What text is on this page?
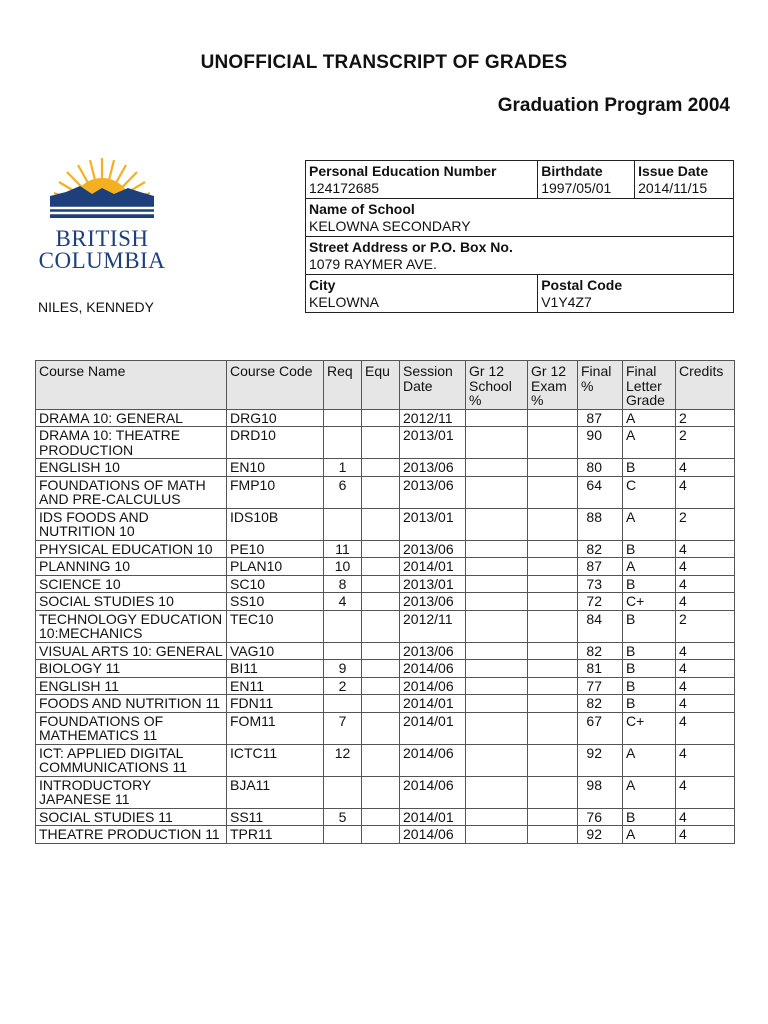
UNOFFICIAL TRANSCRIPT OF GRADES
Graduation Program 2004
BRITISH
COLUMBIA
NILES, KENNEDY
Personal Education Number	Birthdate	Issue Date
124172685	1997/05/01	2014/11/15
Name of School		
KELOWNA SECONDARY		
Street Address or P.O. Box No.		
1079 RAYMER AVE.		
City	Postal Code	
KELOWNA	V1Y4Z7	
Course Name	Course Code	Req	Equ	Session Date	Gr 12 School %	Gr 12 Exam %	Final %	Final Letter Grade	Credits
DRAMA 10: GENERAL	DRG10			2012/11			87	A	2
DRAMA 10: THEATRE PRODUCTION	DRD10			2013/01			90	A	2
ENGLISH 10	EN10	1		2013/06			80	B	4
FOUNDATIONS OF MATH AND PRE-CALCULUS	FMP10	6		2013/06			64	C	4
IDS FOODS AND NUTRITION 10	IDS10B			2013/01			88	A	2
PHYSICAL EDUCATION 10	PE10	11		2013/06			82	B	4
PLANNING 10	PLAN10	10		2014/01			87	A	4
SCIENCE 10	SC10	8		2013/01			73	B	4
SOCIAL STUDIES 10	SS10	4		2013/06			72	C+	4
TECHNOLOGY EDUCATION 10:MECHANICS	TEC10			2012/11			84	B	2
VISUAL ARTS 10: GENERAL	VAG10			2013/06			82	B	4
BIOLOGY 11	BI11	9		2014/06			81	B	4
ENGLISH 11	EN11	2		2014/06			77	B	4
FOODS AND NUTRITION 11	FDN11			2014/01			82	B	4
FOUNDATIONS OF MATHEMATICS 11	FOM11	7		2014/01			67	C+	4
ICT: APPLIED DIGITAL COMMUNICATIONS 11	ICTC11	12		2014/06			92	A	4
INTRODUCTORY JAPANESE 11	BJA11			2014/06			98	A	4
SOCIAL STUDIES 11	SS11	5		2014/01			76	B	4
THEATRE PRODUCTION 11	TPR11			2014/06			92	A	4
